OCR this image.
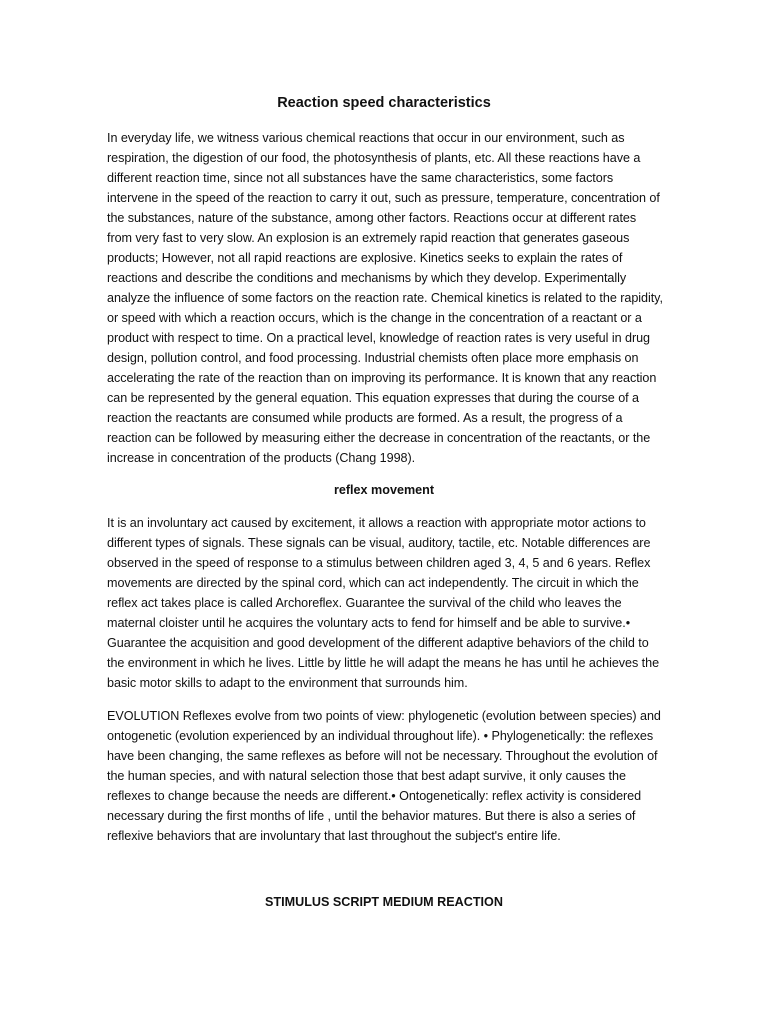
Reaction speed characteristics

In everyday life, we witness various chemical reactions that occur in our environment, such as respiration, the digestion of our food, the photosynthesis of plants, etc. All these reactions have a different reaction time, since not all substances have the same characteristics, some factors intervene in the speed of the reaction to carry it out, such as pressure, temperature, concentration of the substances, nature of the substance, among other factors. Reactions occur at different rates from very fast to very slow. An explosion is an extremely rapid reaction that generates gaseous products; However, not all rapid reactions are explosive. Kinetics seeks to explain the rates of reactions and describe the conditions and mechanisms by which they develop. Experimentally analyze the influence of some factors on the reaction rate. Chemical kinetics is related to the rapidity, or speed with which a reaction occurs, which is the change in the concentration of a reactant or a product with respect to time. On a practical level, knowledge of reaction rates is very useful in drug design, pollution control, and food processing. Industrial chemists often place more emphasis on accelerating the rate of the reaction than on improving its performance. It is known that any reaction can be represented by the general equation. This equation expresses that during the course of a reaction the reactants are consumed while products are formed. As a result, the progress of a reaction can be followed by measuring either the decrease in concentration of the reactants, or the increase in concentration of the products (Chang 1998).

reflex movement

It is an involuntary act caused by excitement, it allows a reaction with appropriate motor actions to different types of signals. These signals can be visual, auditory, tactile, etc. Notable differences are observed in the speed of response to a stimulus between children aged 3, 4, 5 and 6 years. Reflex movements are directed by the spinal cord, which can act independently. The circuit in which the reflex act takes place is called Archoreflex. Guarantee the survival of the child who leaves the maternal cloister until he acquires the voluntary acts to fend for himself and be able to survive.• Guarantee the acquisition and good development of the different adaptive behaviors of the child to the environment in which he lives. Little by little he will adapt the means he has until he achieves the basic motor skills to adapt to the environment that surrounds him.

EVOLUTION Reflexes evolve from two points of view: phylogenetic (evolution between species) and ontogenetic (evolution experienced by an individual throughout life). • Phylogenetically: the reflexes have been changing, the same reflexes as before will not be necessary. Throughout the evolution of the human species, and with natural selection those that best adapt survive, it only causes the reflexes to change because the needs are different.• Ontogenetically: reflex activity is considered necessary during the first months of life , until the behavior matures. But there is also a series of reflexive behaviors that are involuntary that last throughout the subject's entire life.

STIMULUS SCRIPT MEDIUM REACTION
